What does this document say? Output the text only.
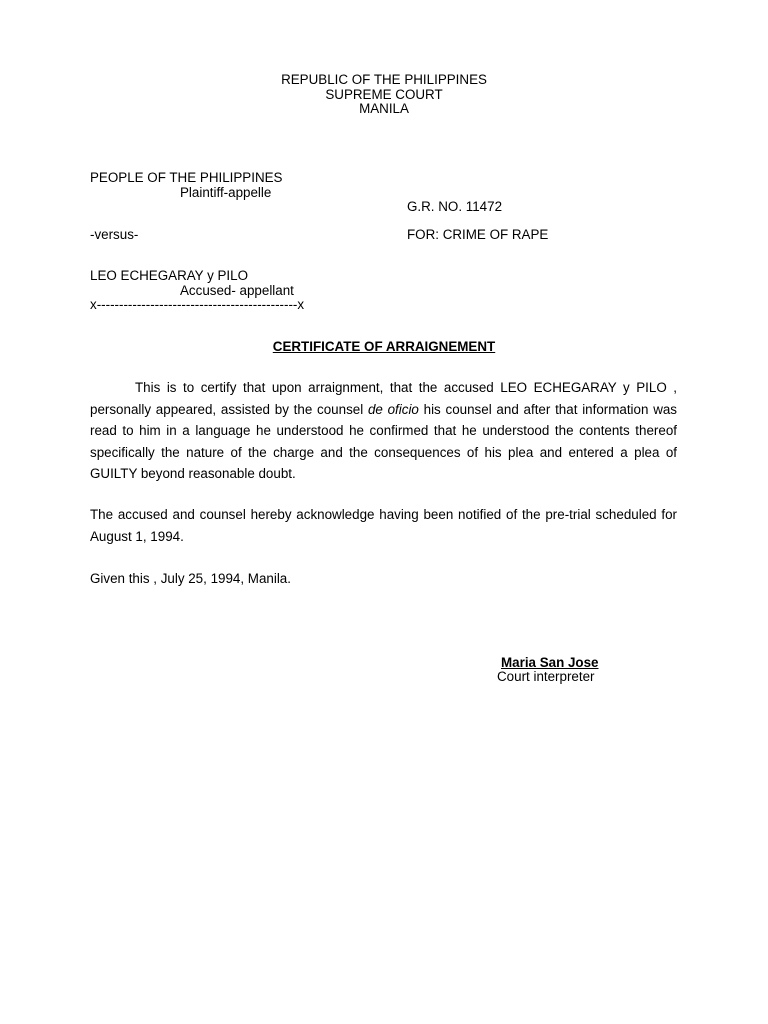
REPUBLIC OF THE PHILIPPINES
SUPREME COURT
MANILA
PEOPLE OF THE PHILIPPINES
Plaintiff-appelle
G.R. NO. 11472
-versus-	FOR: CRIME OF RAPE
LEO ECHEGARAY y PILO
Accused- appellant
x---------------------------------------------x
CERTIFICATE OF ARRAIGNEMENT
This is to certify that upon arraignment, that the accused LEO ECHEGARAY y PILO , personally appeared, assisted by the counsel de oficio his counsel and after that information was read to him in a language he understood he confirmed that he understood the contents thereof specifically the nature of the charge and the consequences of his plea and entered a plea of GUILTY beyond reasonable doubt.
The accused and counsel hereby acknowledge having been notified of the pre-trial scheduled for August 1, 1994.
Given this , July 25, 1994, Manila.
Maria San Jose
Court interpreter
